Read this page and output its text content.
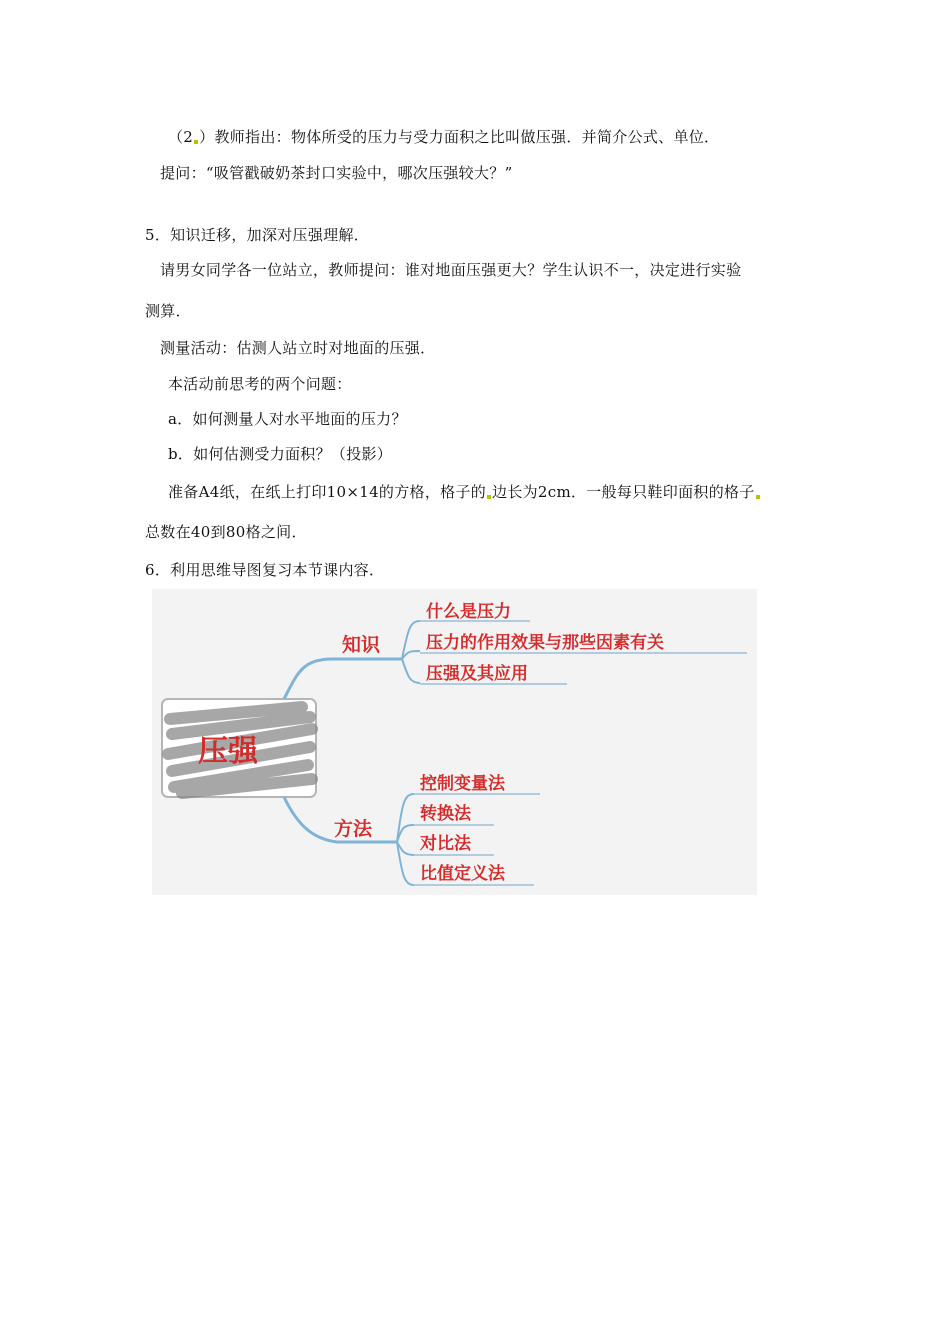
（2 ）教师指出：物体所受的压力与受力面积之比叫做压强．并简介公式、单位．
提问：“吸管戳破奶茶封口实验中，哪次压强较大？”
5．知识迁移，加深对压强理解．
请男女同学各一位站立，教师提问：谁对地面压强更大？学生认识不一，决定进行实验
测算．
测量活动：估测人站立时对地面的压强．
本活动前思考的两个问题：
a．如何测量人对水平地面的压力？
b．如何估测受力面积？（投影）
准备A4纸，在纸上打印10×14的方格，格子的 边长为2cm．一般每只鞋印面积的格子
总数在40到80格之间．
6．利用思维导图复习本节课内容．
压强
知识
什么是压力
压力的作用效果与那些因素有关
压强及其应用
方法
控制变量法
转换法
对比法
比值定义法
